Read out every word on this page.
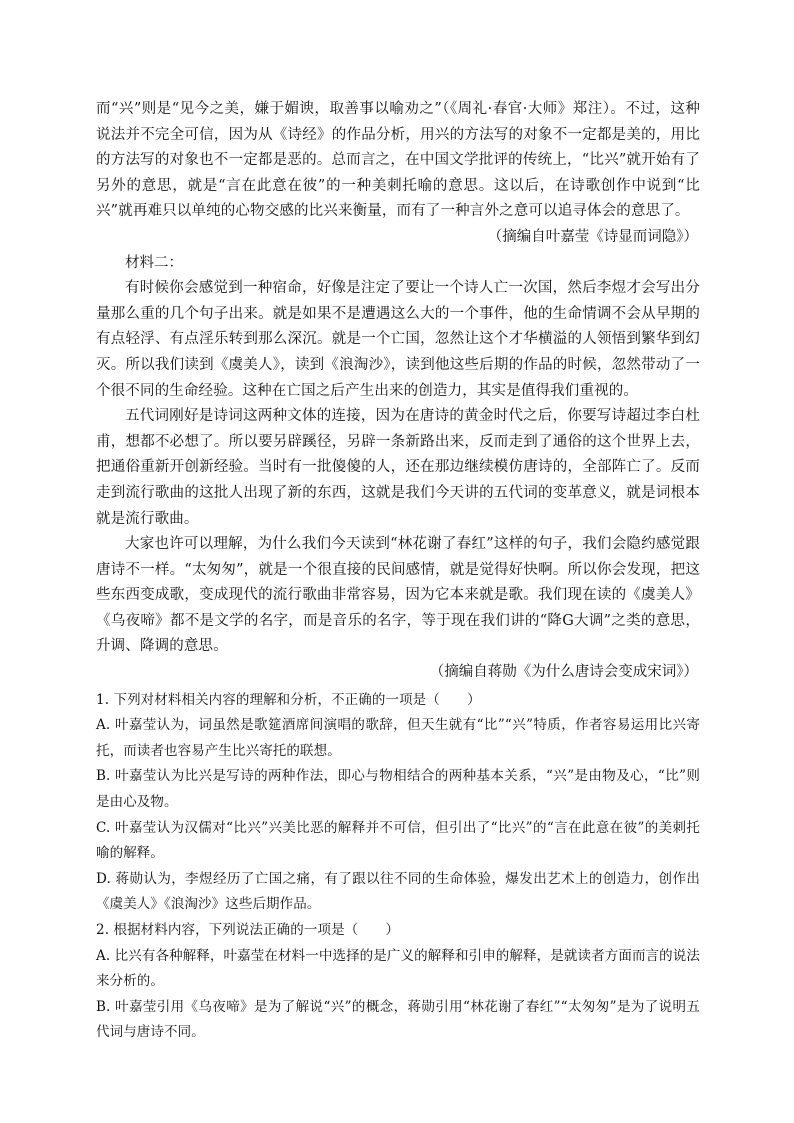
而“兴”则是“见今之美，嫌于媚谀，取善事以喻劝之”（《周礼·春官·大师》郑注）。不过，这种说法并不完全可信，因为从《诗经》的作品分析，用兴的方法写的对象不一定都是美的，用比的方法写的对象也不一定都是恶的。总而言之，在中国文学批评的传统上，“比兴”就开始有了另外的意思，就是“言在此意在彼”的一种美刺托喻的意思。这以后，在诗歌创作中说到“比兴”就再难只以单纯的心物交感的比兴来衡量，而有了一种言外之意可以追寻体会的意思了。

（摘编自叶嘉莹《诗显而词隐》）

材料二：

有时候你会感觉到一种宿命，好像是注定了要让一个诗人亡一次国，然后李煜才会写出分量那么重的几个句子出来。就是如果不是遭遇这么大的一个事件，他的生命情调不会从早期的有点轻浮、有点淫乐转到那么深沉。就是一个亡国，忽然让这个才华横溢的人领悟到繁华到幻灭。所以我们读到《虞美人》，读到《浪淘沙》，读到他这些后期的作品的时候，忽然带动了一个很不同的生命经验。这种在亡国之后产生出来的创造力，其实是值得我们重视的。

五代词刚好是诗词这两种文体的连接，因为在唐诗的黄金时代之后，你要写诗超过李白杜甫，想都不必想了。所以要另辟蹊径，另辟一条新路出来，反而走到了通俗的这个世界上去，把通俗重新开创新经验。当时有一批傻傻的人，还在那边继续模仿唐诗的，全部阵亡了。反而走到流行歌曲的这批人出现了新的东西，这就是我们今天讲的五代词的变革意义，就是词根本就是流行歌曲。

大家也许可以理解，为什么我们今天读到“林花谢了春红”这样的句子，我们会隐约感觉跟唐诗不一样。“太匆匆”，就是一个很直接的民间感情，就是觉得好快啊。所以你会发现，把这些东西变成歌，变成现代的流行歌曲非常容易，因为它本来就是歌。我们现在读的《虞美人》《乌夜啼》都不是文学的名字，而是音乐的名字，等于现在我们讲的“降G大调”之类的意思，升调、降调的意思。

（摘编自蒋勋《为什么唐诗会变成宋词》）

1. 下列对材料相关内容的理解和分析，不正确的一项是（　　）

A. 叶嘉莹认为，词虽然是歌筵酒席间演唱的歌辞，但天生就有“比”“兴”特质，作者容易运用比兴寄托，而读者也容易产生比兴寄托的联想。

B. 叶嘉莹认为比兴是写诗的两种作法，即心与物相结合的两种基本关系，“兴”是由物及心，“比”则是由心及物。

C. 叶嘉莹认为汉儒对“比兴”兴美比恶的解释并不可信，但引出了“比兴”的“言在此意在彼”的美刺托喻的解释。

D. 蒋勋认为，李煜经历了亡国之痛，有了跟以往不同的生命体验，爆发出艺术上的创造力，创作出《虞美人》《浪淘沙》这些后期作品。

2. 根据材料内容，下列说法正确的一项是（　　）

A. 比兴有各种解释，叶嘉莹在材料一中选择的是广义的解释和引申的解释，是就读者方面而言的说法来分析的。

B. 叶嘉莹引用《乌夜啼》是为了解说“兴”的概念，蒋勋引用“林花谢了春红”“太匆匆”是为了说明五代词与唐诗不同。
